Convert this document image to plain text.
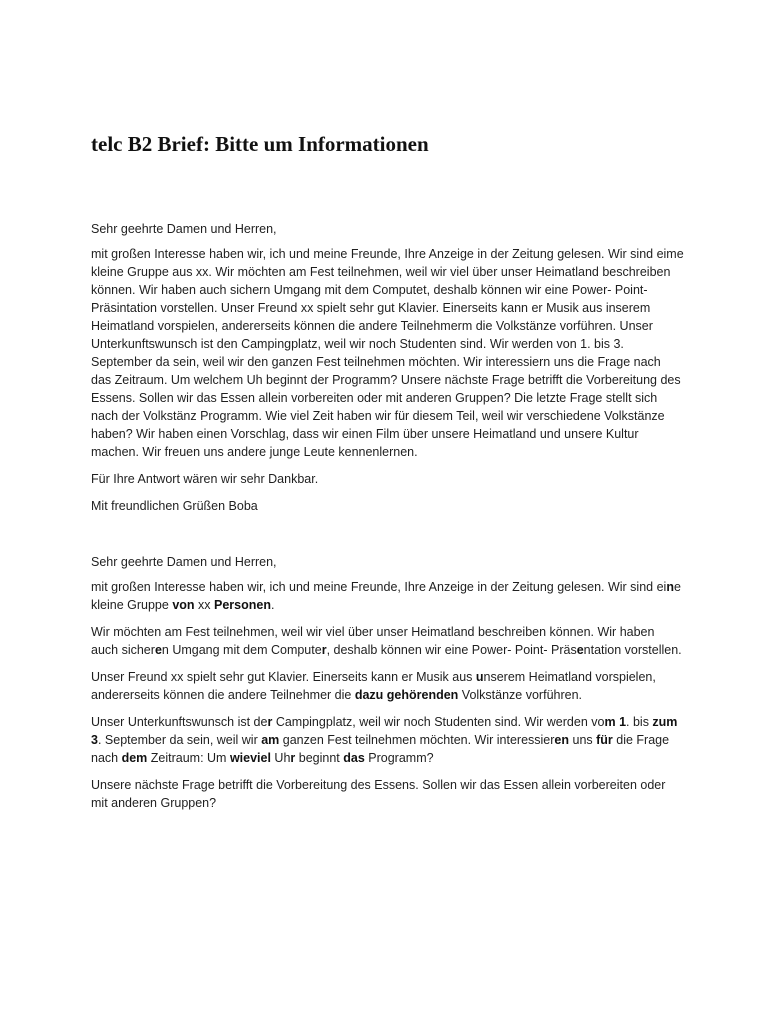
telc B2 Brief: Bitte um Informationen

Sehr geehrte Damen und Herren,

mit großen Interesse haben wir, ich und meine Freunde, Ihre Anzeige in der Zeitung gelesen. Wir sind eime kleine Gruppe aus xx. Wir möchten am Fest teilnehmen, weil wir viel über unser Heimatland beschreiben können. Wir haben auch sichern Umgang mit dem Computet, deshalb können wir eine Power- Point- Präsintation vorstellen. Unser Freund xx spielt sehr gut Klavier. Einerseits kann er Musik aus inserem Heimatland vorspielen, andererseits können die andere Teilnehmerm die Volkstänze vorführen. Unser Unterkunftswunsch ist den Campingplatz, weil wir noch Studenten sind. Wir werden von 1. bis 3. September da sein, weil wir den ganzen Fest teilnehmen möchten. Wir interessiern uns die Frage nach das Zeitraum. Um welchem Uh beginnt der Programm? Unsere nächste Frage betrifft die Vorbereitung des Essens. Sollen wir das Essen allein vorbereiten oder mit anderen Gruppen? Die letzte Frage stellt sich nach der Volkstänz Programm. Wie viel Zeit haben wir für diesem Teil, weil wir verschiedene Volkstänze haben? Wir haben einen Vorschlag, dass wir einen Film über unsere Heimatland und unsere Kultur machen. Wir freuen uns andere junge Leute kennenlernen.

Für Ihre Antwort wären wir sehr Dankbar.

Mit freundlichen Grüßen Boba

Sehr geehrte Damen und Herren,

mit großen Interesse haben wir, ich und meine Freunde, Ihre Anzeige in der Zeitung gelesen. Wir sind eine kleine Gruppe von xx Personen.

Wir möchten am Fest teilnehmen, weil wir viel über unser Heimatland beschreiben können. Wir haben auch sicheren Umgang mit dem Computer, deshalb können wir eine Power- Point- Präsentation vorstellen.

Unser Freund xx spielt sehr gut Klavier. Einerseits kann er Musik aus unserem Heimatland vorspielen, andererseits können die andere Teilnehmer die dazu gehörenden Volkstänze vorführen.

Unser Unterkunftswunsch ist der Campingplatz, weil wir noch Studenten sind. Wir werden vom 1. bis zum 3. September da sein, weil wir am ganzen Fest teilnehmen möchten. Wir interessieren uns für die Frage nach dem Zeitraum: Um wieviel Uhr beginnt das Programm?

Unsere nächste Frage betrifft die Vorbereitung des Essens. Sollen wir das Essen allein vorbereiten oder mit anderen Gruppen?
